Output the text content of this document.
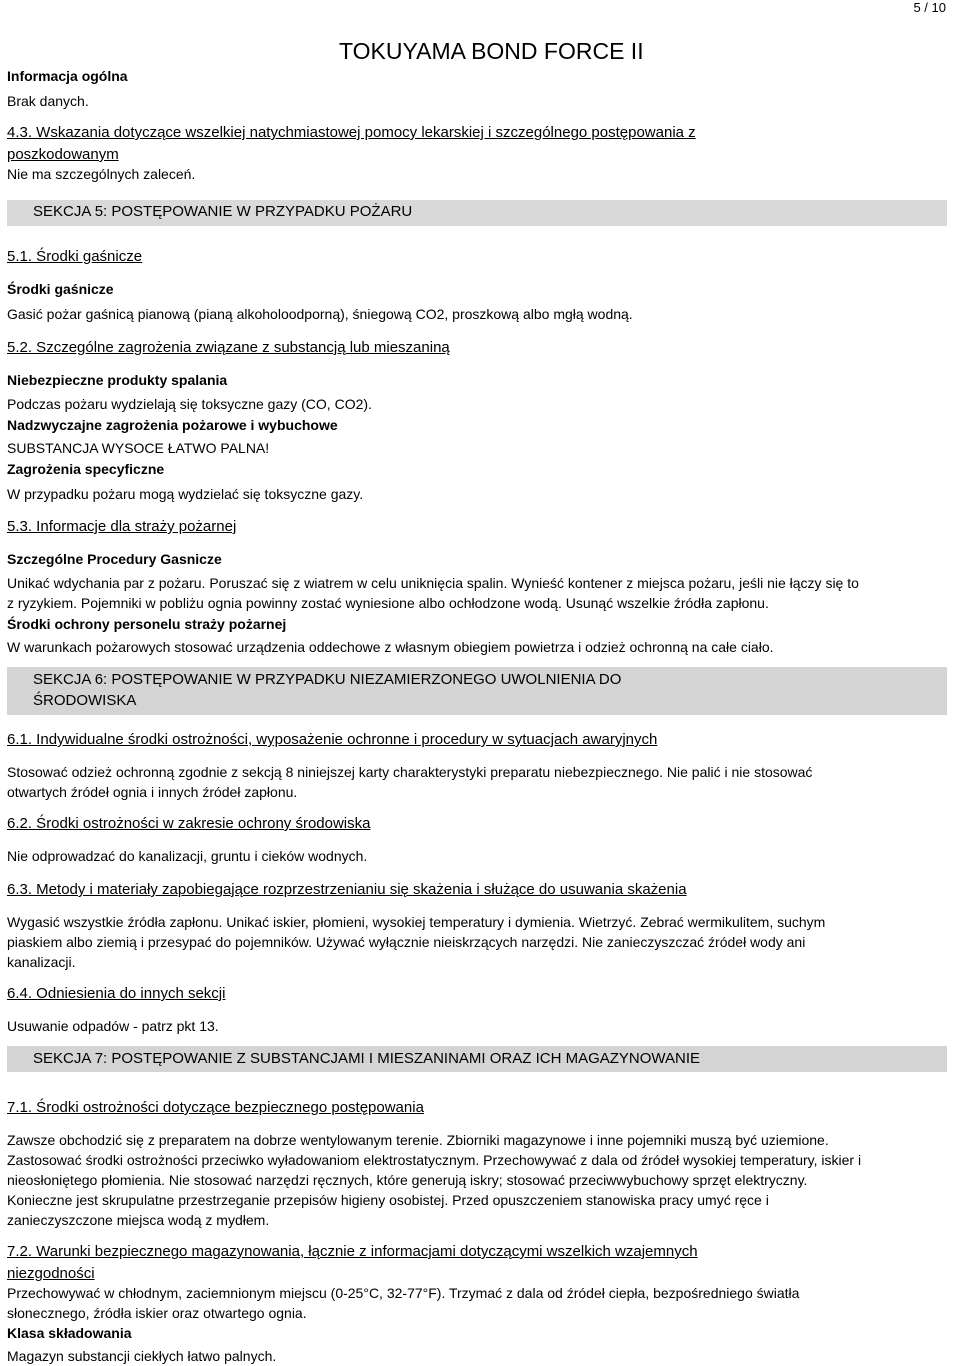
5 / 10
TOKUYAMA BOND FORCE II
Informacja ogólna
Brak danych.
4.3. Wskazania dotyczące wszelkiej natychmiastowej pomocy lekarskiej i szczególnego postępowania z
poszkodowanym
Nie ma szczególnych zaleceń.
SEKCJA 5: POSTĘPOWANIE W PRZYPADKU POŻARU
5.1. Środki gaśnicze
Środki gaśnicze
Gasić pożar gaśnicą pianową (pianą alkoholoodporną), śniegową CO2, proszkową albo mgłą wodną.
5.2. Szczególne zagrożenia związane z substancją lub mieszaniną
Niebezpieczne produkty spalania
Podczas pożaru wydzielają się toksyczne gazy (CO, CO2).
Nadzwyczajne zagrożenia pożarowe i wybuchowe
SUBSTANCJA WYSOCE ŁATWO PALNA!
Zagrożenia specyficzne
W przypadku pożaru mogą wydzielać się toksyczne gazy.
5.3. Informacje dla straży pożarnej
Szczególne Procedury Gasnicze
Unikać wdychania par z pożaru. Poruszać się z wiatrem w celu uniknięcia spalin. Wynieść kontener z miejsca pożaru, jeśli nie łączy się to
z ryzykiem. Pojemniki w pobliżu ognia powinny zostać wyniesione albo ochłodzone wodą. Usunąć wszelkie źródła zapłonu.
Środki ochrony personelu straży pożarnej
W warunkach pożarowych stosować urządzenia oddechowe z własnym obiegiem powietrza i odzież ochronną na całe ciało.
SEKCJA 6: POSTĘPOWANIE W PRZYPADKU NIEZAMIERZONEGO UWOLNIENIA DO
ŚRODOWISKA
6.1. Indywidualne środki ostrożności, wyposażenie ochronne i procedury w sytuacjach awaryjnych
Stosować odzież ochronną zgodnie z sekcją 8 niniejszej karty charakterystyki preparatu niebezpiecznego. Nie palić i nie stosować
otwartych źródeł ognia i innych źródeł zapłonu.
6.2. Środki ostrożności w zakresie ochrony środowiska
Nie odprowadzać do kanalizacji, gruntu i cieków wodnych.
6.3. Metody i materiały zapobiegające rozprzestrzenianiu się skażenia i służące do usuwania skażenia
Wygasić wszystkie źródła zapłonu. Unikać iskier, płomieni, wysokiej temperatury i dymienia. Wietrzyć. Zebrać wermikulitem, suchym
piaskiem albo ziemią i przesypać do pojemników. Używać wyłącznie nieiskrzących narzędzi. Nie zanieczyszczać źródeł wody ani
kanalizacji.
6.4. Odniesienia do innych sekcji
Usuwanie odpadów - patrz pkt 13.
SEKCJA 7: POSTĘPOWANIE Z SUBSTANCJAMI I MIESZANINAMI ORAZ ICH MAGAZYNOWANIE
7.1. Środki ostrożności dotyczące bezpiecznego postępowania
Zawsze obchodzić się z preparatem na dobrze wentylowanym terenie. Zbiorniki magazynowe i inne pojemniki muszą być uziemione.
Zastosować środki ostrożności przeciwko wyładowaniom elektrostatycznym. Przechowywać z dala od źródeł wysokiej temperatury, iskier i
nieosłoniętego płomienia. Nie stosować narzędzi ręcznych, które generują iskry; stosować przeciwwybuchowy sprzęt elektryczny.
Konieczne jest skrupulatne przestrzeganie przepisów higieny osobistej. Przed opuszczeniem stanowiska pracy umyć ręce i
zanieczyszczone miejsca wodą z mydłem.
7.2. Warunki bezpiecznego magazynowania, łącznie z informacjami dotyczącymi wszelkich wzajemnych
niezgodności
Przechowywać w chłodnym, zaciemnionym miejscu (0-25°C, 32-77°F). Trzymać z dala od źródeł ciepła, bezpośredniego światła
słonecznego, źródła iskier oraz otwartego ognia.
Klasa składowania
Magazyn substancji ciekłych łatwo palnych.
